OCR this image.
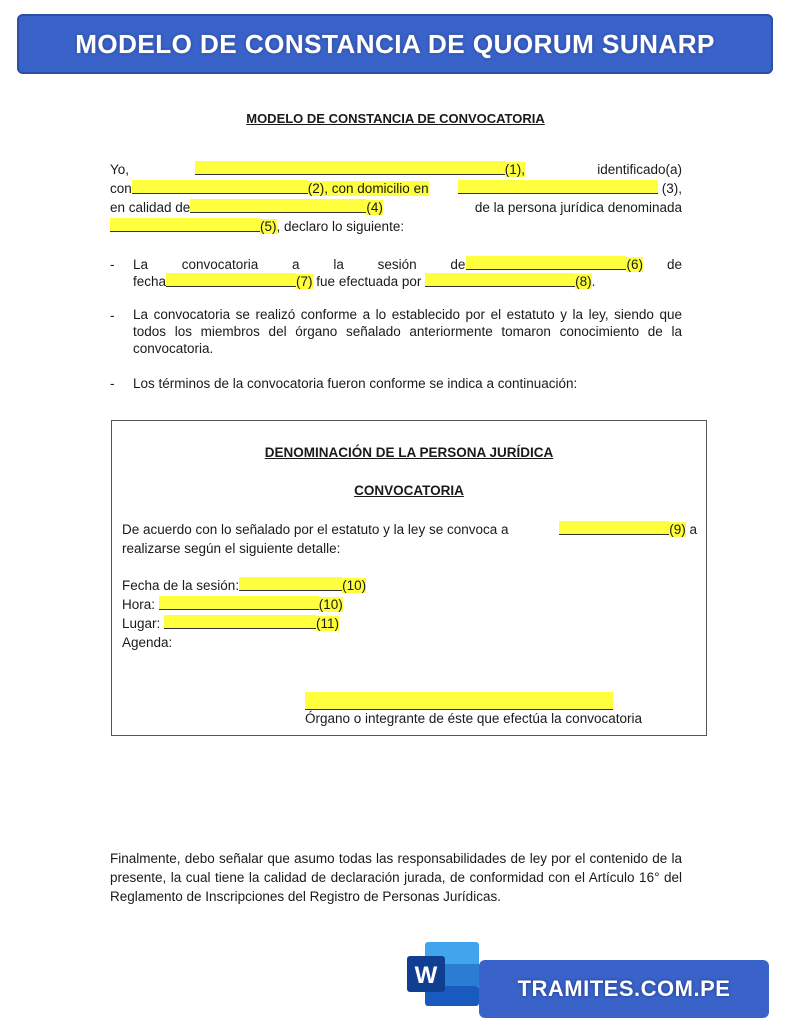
MODELO DE CONSTANCIA DE QUORUM SUNARP
MODELO DE CONSTANCIA DE CONVOCATORIA
Yo,	(1),	identificado(a)
con	(2), con domicilio en	(3),
en calidad de	(4)	de la persona jurídica denominada
(5), declaro lo siguiente:
- La convocatoria a la sesión de	(6) de
fecha	(7) fue efectuada por	(8).
- La convocatoria se realizó conforme a lo establecido por el estatuto y la ley, siendo que todos los miembros del órgano señalado anteriormente tomaron conocimiento de la convocatoria.
- Los términos de la convocatoria fueron conforme se indica a continuación:
DENOMINACIÓN DE LA PERSONA JURÍDICA
CONVOCATORIA
De acuerdo con lo señalado por el estatuto y la ley se convoca a	(9) a
realizarse según el siguiente detalle:
Fecha de la sesión:	(10)
Hora:	(10)
Lugar:	(11)
Agenda:
Órgano o integrante de éste que efectúa la convocatoria
Finalmente, debo señalar que asumo todas las responsabilidades de ley por el contenido de la presente, la cual tiene la calidad de declaración jurada, de conformidad con el Artículo 16° del Reglamento de Inscripciones del Registro de Personas Jurídicas.
TRAMITES.COM.PE
W
